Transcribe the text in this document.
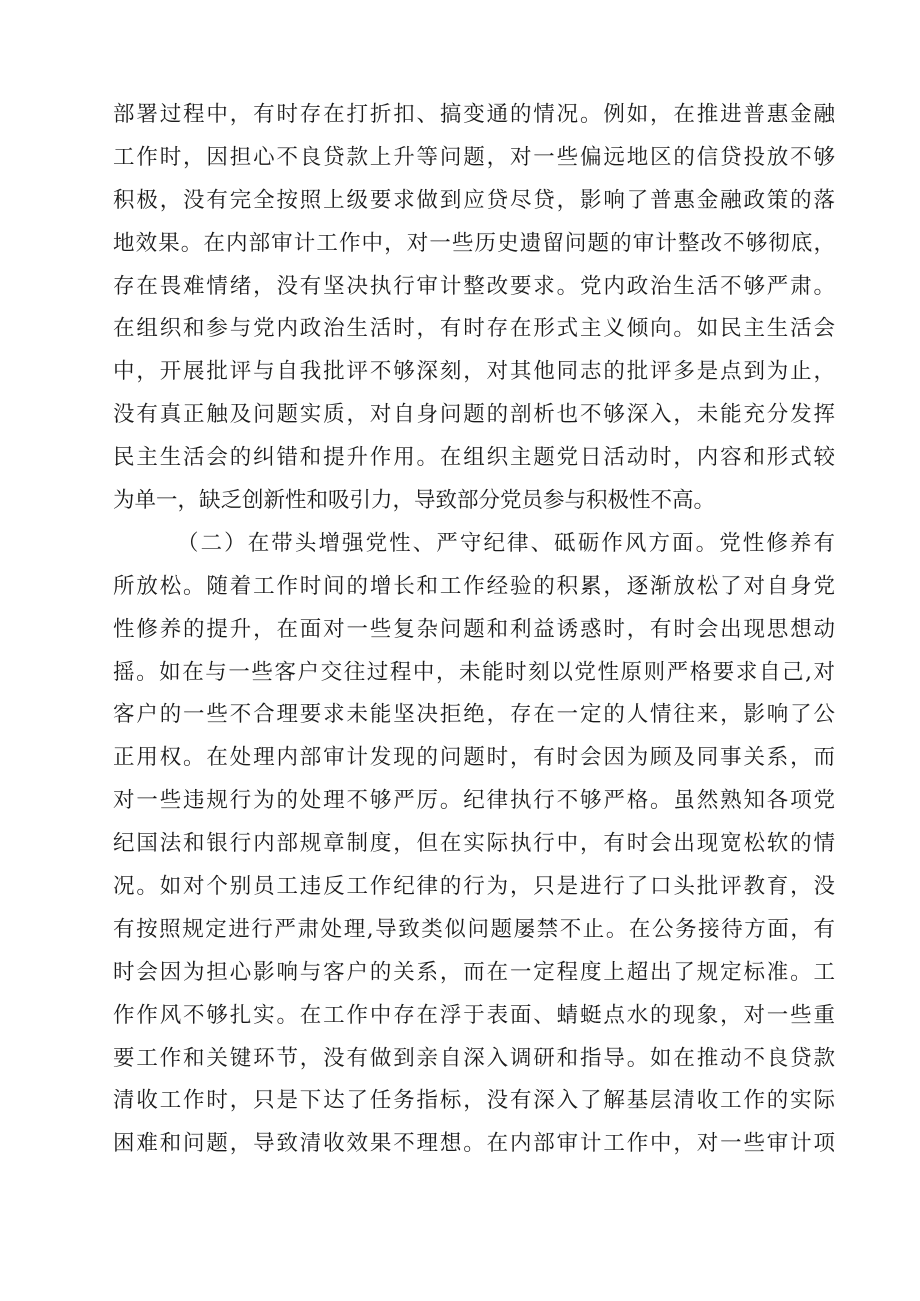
部署过程中，有时存在打折扣、搞变通的情况。例如，在推进普惠金融
工作时，因担心不良贷款上升等问题，对一些偏远地区的信贷投放不够
积极，没有完全按照上级要求做到应贷尽贷，影响了普惠金融政策的落
地效果。在内部审计工作中，对一些历史遗留问题的审计整改不够彻底，
存在畏难情绪，没有坚决执行审计整改要求。党内政治生活不够严肃。
在组织和参与党内政治生活时，有时存在形式主义倾向。如民主生活会
中，开展批评与自我批评不够深刻，对其他同志的批评多是点到为止，
没有真正触及问题实质，对自身问题的剖析也不够深入，未能充分发挥
民主生活会的纠错和提升作用。在组织主题党日活动时，内容和形式较
为单一，缺乏创新性和吸引力，导致部分党员参与积极性不高。
（二）在带头增强党性、严守纪律、砥砺作风方面。党性修养有
所放松。随着工作时间的增长和工作经验的积累，逐渐放松了对自身党
性修养的提升，在面对一些复杂问题和利益诱惑时，有时会出现思想动
摇。如在与一些客户交往过程中，未能时刻以党性原则严格要求自己,对
客户的一些不合理要求未能坚决拒绝，存在一定的人情往来，影响了公
正用权。在处理内部审计发现的问题时，有时会因为顾及同事关系，而
对一些违规行为的处理不够严厉。纪律执行不够严格。虽然熟知各项党
纪国法和银行内部规章制度，但在实际执行中，有时会出现宽松软的情
况。如对个别员工违反工作纪律的行为，只是进行了口头批评教育，没
有按照规定进行严肃处理,导致类似问题屡禁不止。在公务接待方面，有
时会因为担心影响与客户的关系，而在一定程度上超出了规定标准。工
作作风不够扎实。在工作中存在浮于表面、蜻蜓点水的现象，对一些重
要工作和关键环节，没有做到亲自深入调研和指导。如在推动不良贷款
清收工作时，只是下达了任务指标，没有深入了解基层清收工作的实际
困难和问题，导致清收效果不理想。在内部审计工作中，对一些审计项
